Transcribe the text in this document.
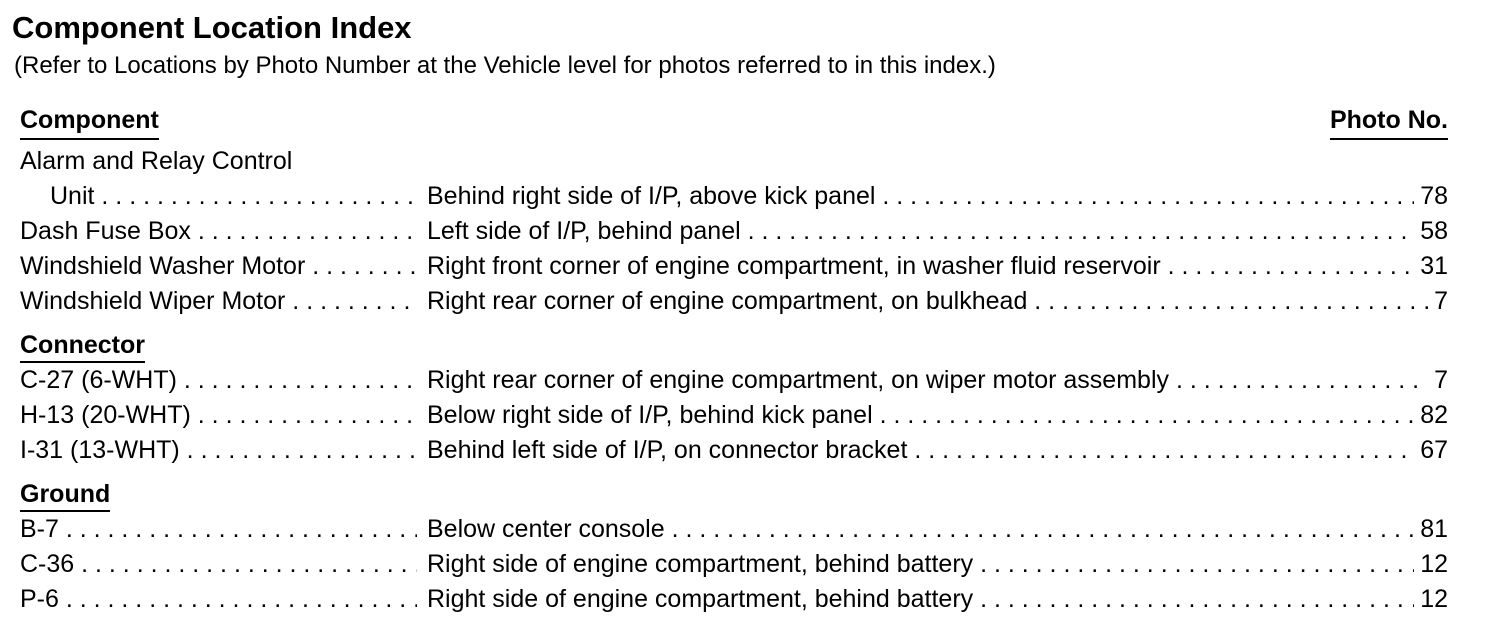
Component Location Index
(Refer to Locations by Photo Number at the Vehicle level for photos referred to in this index.)
Component	Photo No.
Alarm and Relay Control
Unit . . .	Behind right side of I/P, above kick panel . . .	78
Dash Fuse Box . . .	Left side of I/P, behind panel . . .	58
Windshield Washer Motor . . .	Right front corner of engine compartment, in washer fluid reservoir . . .	31
Windshield Wiper Motor . . .	Right rear corner of engine compartment, on bulkhead . . .	7
Connector
C-27 (6-WHT) . . .	Right rear corner of engine compartment, on wiper motor assembly . . .	7
H-13 (20-WHT) . . .	Below right side of I/P, behind kick panel . . .	82
I-31 (13-WHT) . . .	Behind left side of I/P, on connector bracket . . .	67
Ground
B-7 . . .	Below center console . . .	81
C-36 . . .	Right side of engine compartment, behind battery . . .	12
P-6 . . .	Right side of engine compartment, behind battery . . .	12
